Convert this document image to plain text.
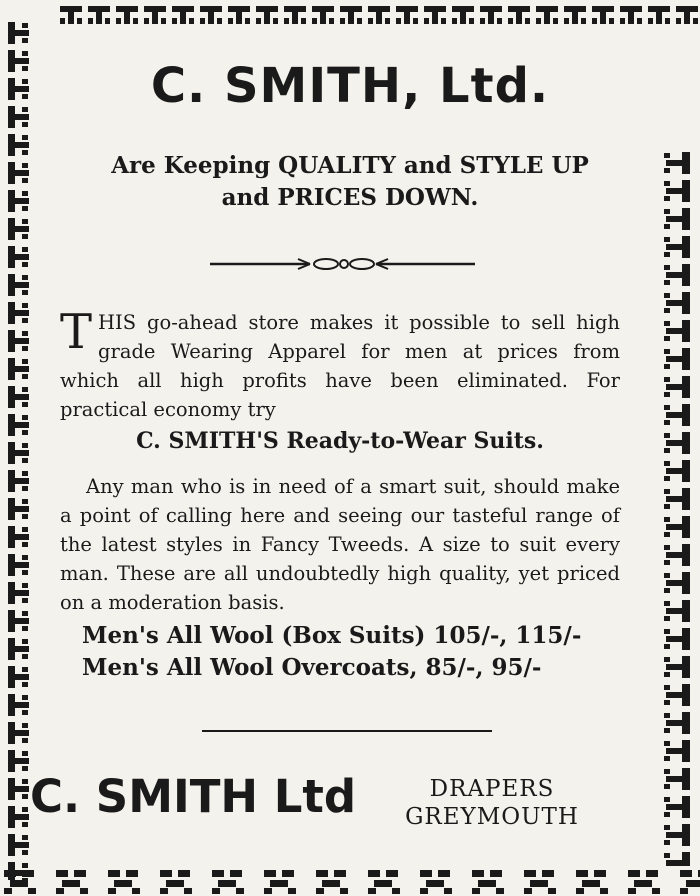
C. SMITH, Ltd.
Are Keeping QUALITY and STYLE UP
and PRICES DOWN.
T HIS go-ahead store makes it possible to sell high grade Wearing Apparel for men at prices from which all high profits have been eliminated. For practical economy try
C. SMITH'S Ready-to-Wear Suits.
Any man who is in need of a smart suit, should make a point of calling here and seeing our tasteful range of the latest styles in Fancy Tweeds. A size to suit every man. These are all undoubtedly high quality, yet priced on a moderation basis.
Men's All Wool (Box Suits) 105/-, 115/-
Men's All Wool Overcoats, 85/-, 95/-
C. SMITH Ltd	DRAPERS
GREYMOUTH
